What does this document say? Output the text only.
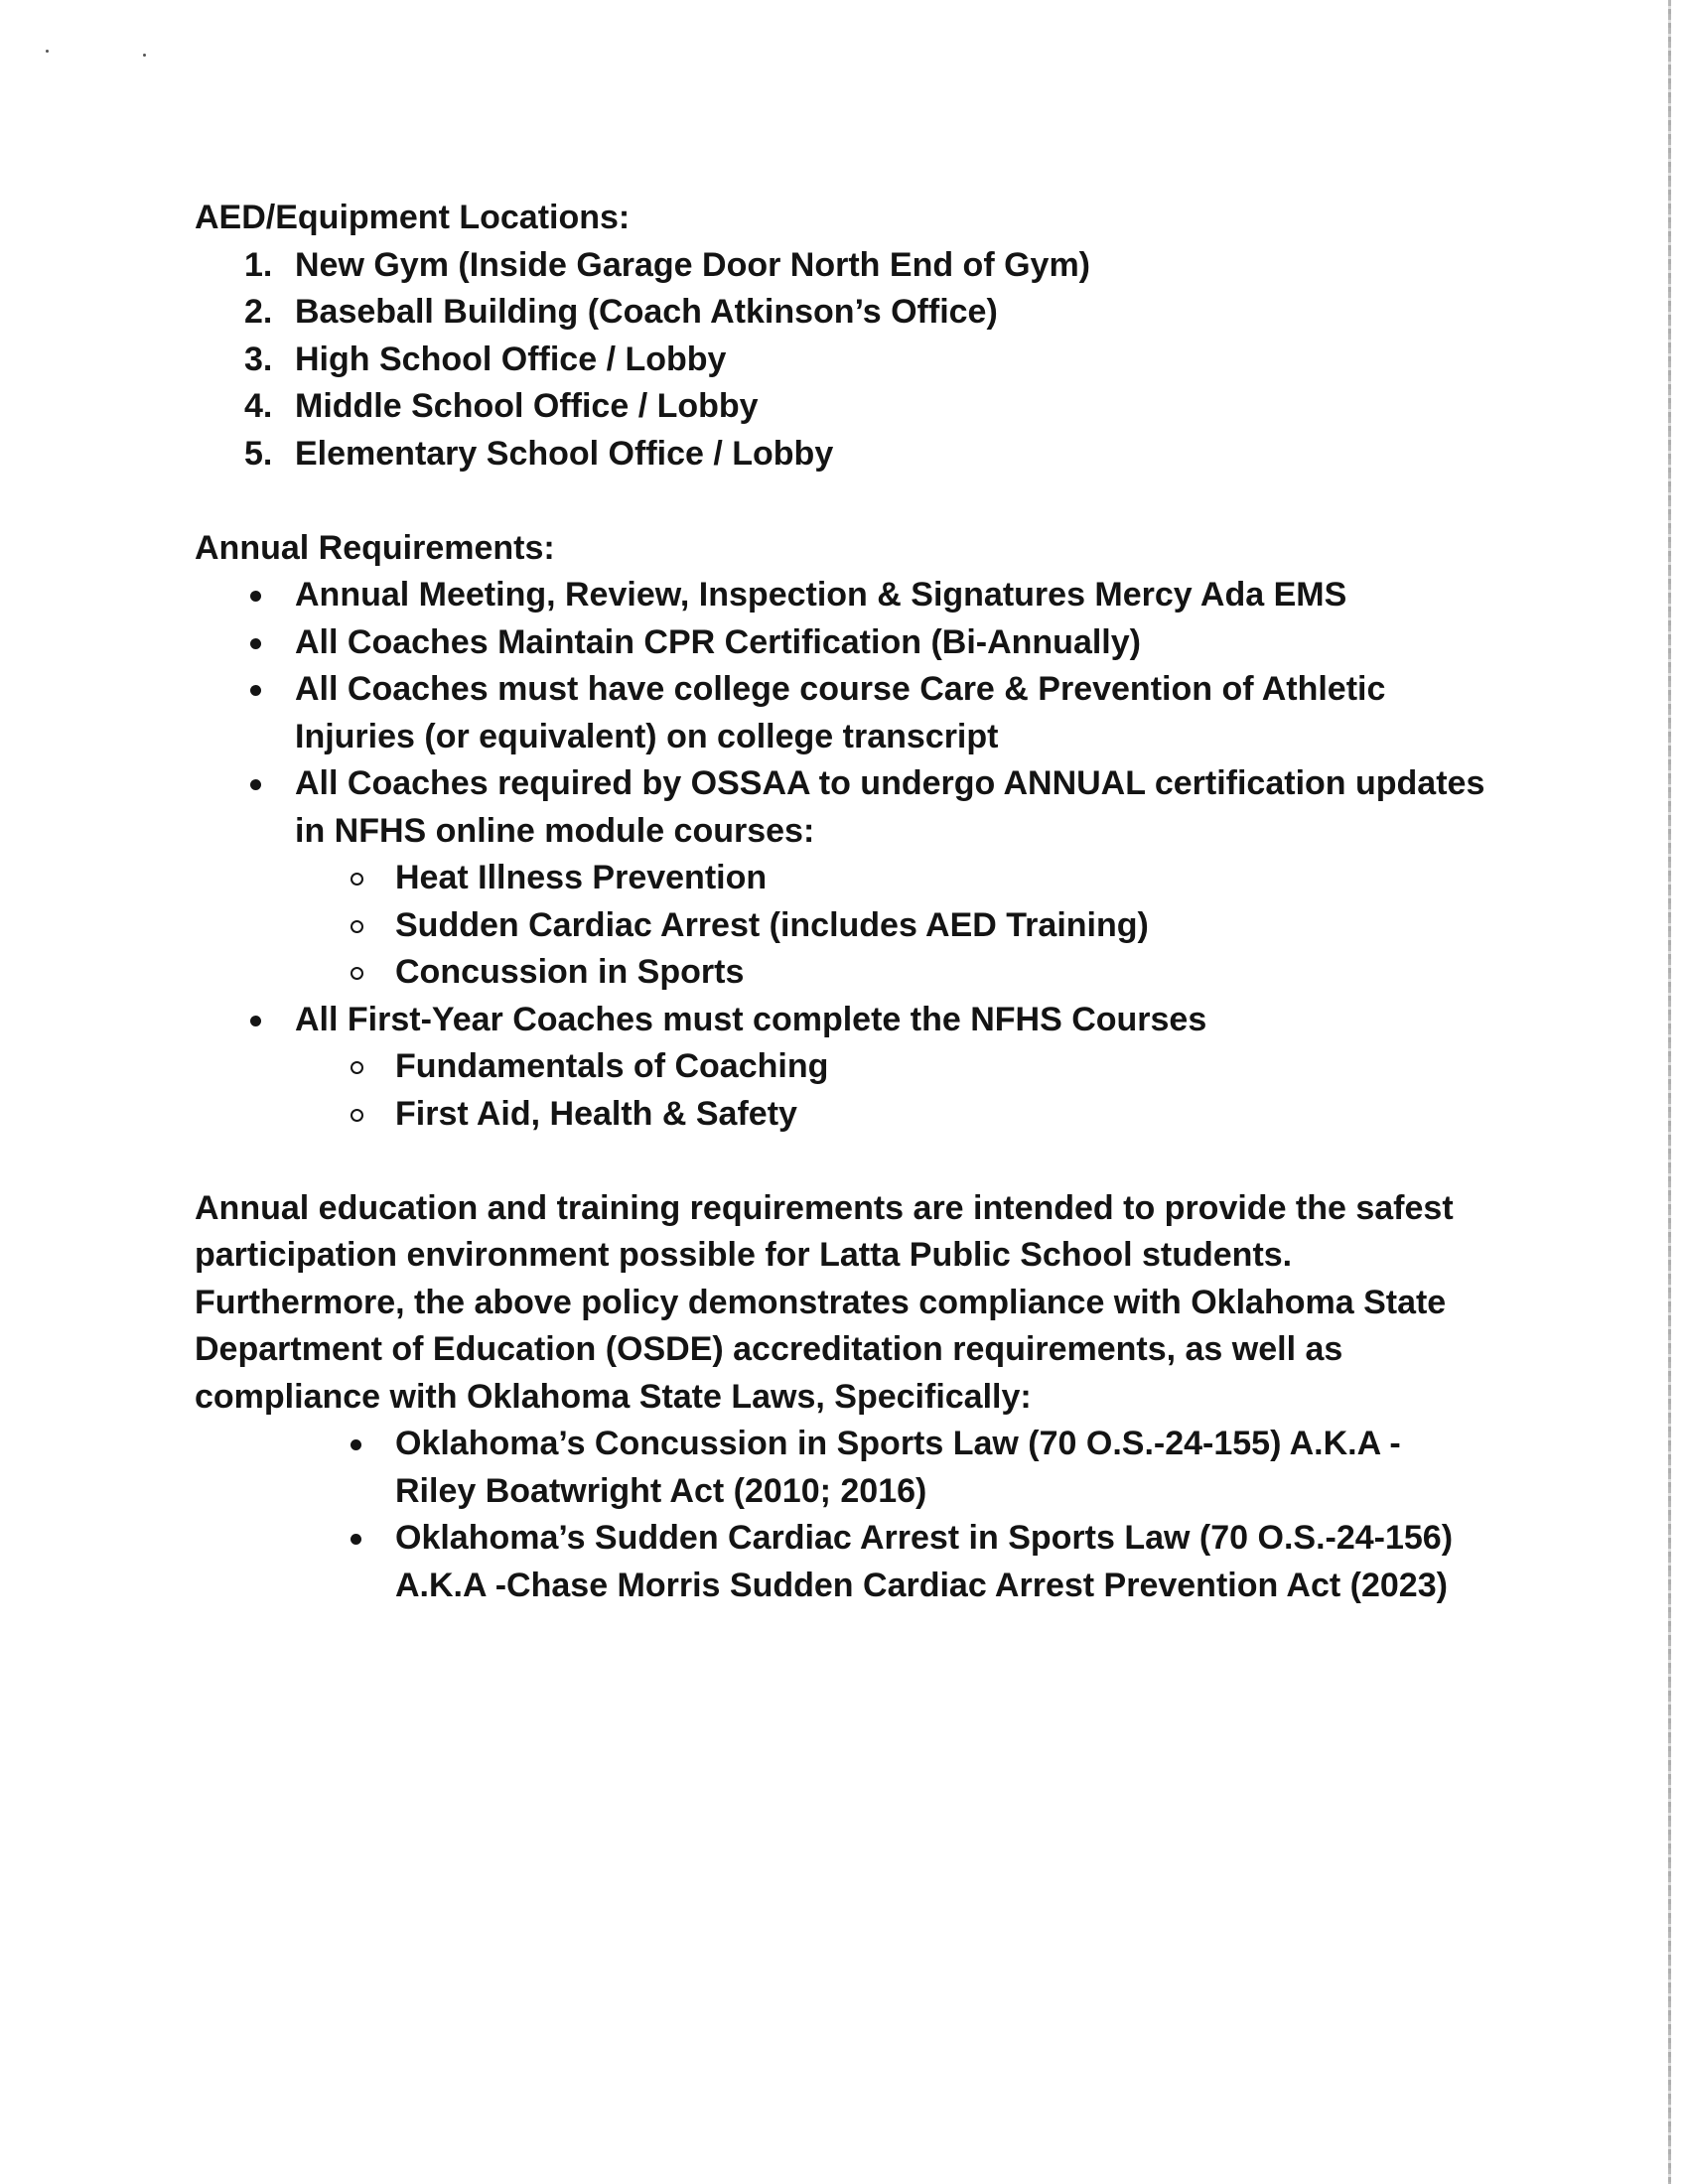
AED/Equipment Locations:

1. New Gym (Inside Garage Door North End of Gym)
2. Baseball Building (Coach Atkinson’s Office)
3. High School Office / Lobby
4. Middle School Office / Lobby
5. Elementary School Office / Lobby

Annual Requirements:

Annual Meeting, Review, Inspection & Signatures Mercy Ada EMS
All Coaches Maintain CPR Certification (Bi-Annually)
All Coaches must have college course Care & Prevention of Athletic Injuries (or equivalent) on college transcript
All Coaches required by OSSAA to undergo ANNUAL certification updates in NFHS online module courses:
Heat Illness Prevention
Sudden Cardiac Arrest (includes AED Training)
Concussion in Sports
All First-Year Coaches must complete the NFHS Courses
Fundamentals of Coaching
First Aid, Health & Safety

Annual education and training requirements are intended to provide the safest participation environment possible for Latta Public School students. Furthermore, the above policy demonstrates compliance with Oklahoma State Department of Education (OSDE) accreditation requirements, as well as compliance with Oklahoma State Laws, Specifically:

Oklahoma’s Concussion in Sports Law (70 O.S.-24-155) A.K.A - Riley Boatwright Act (2010; 2016)
Oklahoma’s Sudden Cardiac Arrest in Sports Law (70 O.S.-24-156) A.K.A -Chase Morris Sudden Cardiac Arrest Prevention Act (2023)
